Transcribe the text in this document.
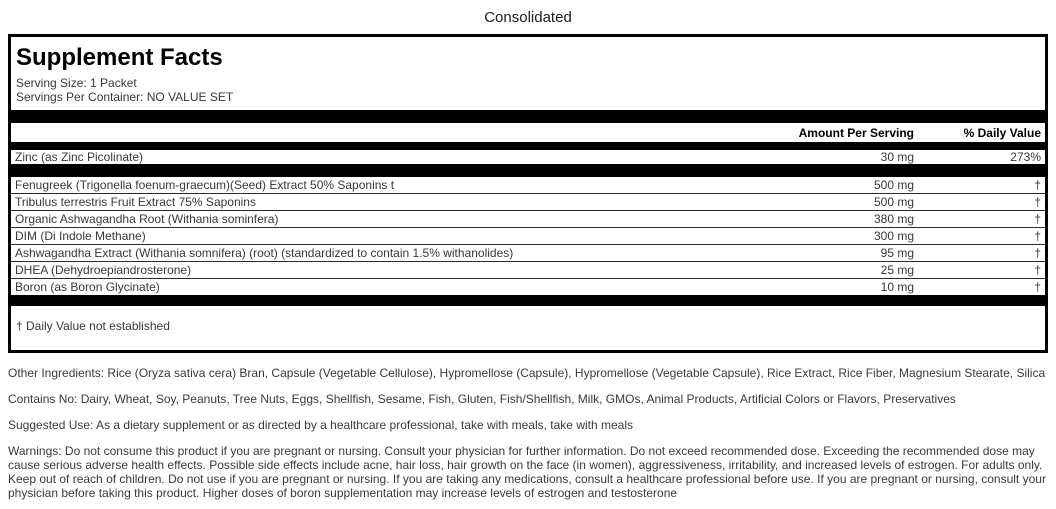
Consolidated
Supplement Facts
Serving Size: 1 Packet
Servings Per Container: NO VALUE SET
Amount Per Serving	% Daily Value
Zinc (as Zinc Picolinate)	30 mg	273%
Fenugreek (Trigonella foenum-graecum)(Seed) Extract 50% Saponins t	500 mg	†
Tribulus terrestris Fruit Extract 75% Saponins	500 mg	†
Organic Ashwagandha Root (Withania sominfera)	380 mg	†
DIM (Di Indole Methane)	300 mg	†
Ashwagandha Extract (Withania somnifera) (root) (standardized to contain 1.5% withanolides)	95 mg	†
DHEA (Dehydroepiandrosterone)	25 mg	†
Boron (as Boron Glycinate)	10 mg	†
† Daily Value not established

Other Ingredients: Rice (Oryza sativa cera) Bran, Capsule (Vegetable Cellulose), Hypromellose (Capsule), Hypromellose (Vegetable Capsule), Rice Extract, Rice Fiber, Magnesium Stearate, Silica

Contains No: Dairy, Wheat, Soy, Peanuts, Tree Nuts, Eggs, Shellfish, Sesame, Fish, Gluten, Fish/Shellfish, Milk, GMOs, Animal Products, Artificial Colors or Flavors, Preservatives

Suggested Use: As a dietary supplement or as directed by a healthcare professional, take with meals, take with meals

Warnings: Do not consume this product if you are pregnant or nursing. Consult your physician for further information. Do not exceed recommended dose. Exceeding the recommended dose may cause serious adverse health effects. Possible side effects include acne, hair loss, hair growth on the face (in women), aggressiveness, irritability, and increased levels of estrogen. For adults only. Keep out of reach of children. Do not use if you are pregnant or nursing. If you are taking any medications, consult a healthcare professional before use. If you are pregnant or nursing, consult your physician before taking this product. Higher doses of boron supplementation may increase levels of estrogen and testosterone
